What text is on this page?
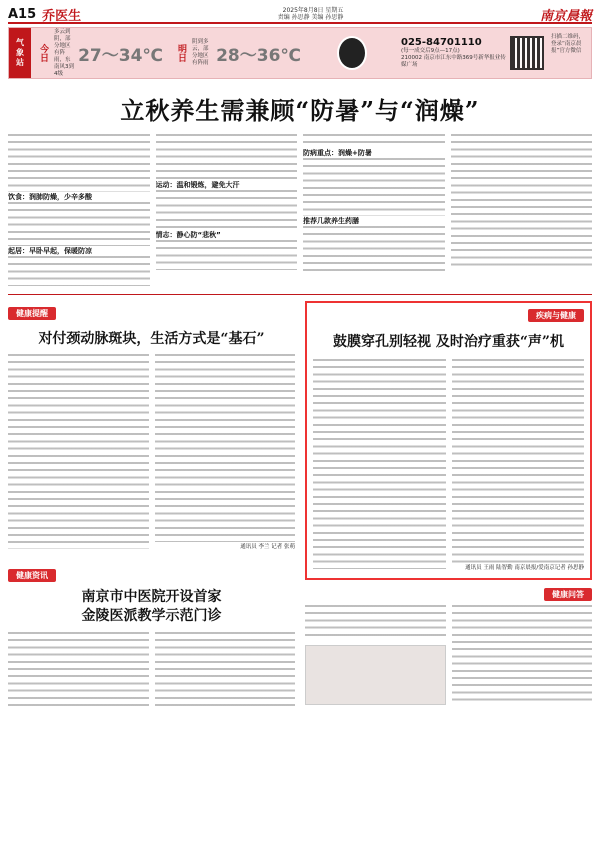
A15 乔医生	2025年8月8日 星期五
责编 孙思静 美编 孙思静	南京晨報
气象站	今日
多云到阴，部分地区有阵雨，东南风3到4级
27～34℃ 明日
阴到多云，部分地区有阵雨 28～36℃
025-84701110
(每一成交后9点—17点)
210002 南京市江东中路369号新华报业传媒广场
扫描二维码，登录“南京晨报”官方微信
立秋养生需兼顾“防暑”与“润燥”
饮食：润肺防燥，少辛多酸
起居：早卧早起，保暖防凉
运动：温和锻炼，避免大汗
情志：静心防“悲秋”
防病重点：润燥+防暑
推荐几款养生药膳
健康提醒
对付颈动脉斑块，生活方式是“基石”
通讯员 李兰 记者 张萌
健康资讯
南京市中医院开设首家
金陵医派教学示范门诊
疾病与健康
鼓膜穿孔别轻视 及时治疗重获“声”机
通讯员 王雨 陆智勤 南京晨报/爱南京记者 孙思静
健康问答
